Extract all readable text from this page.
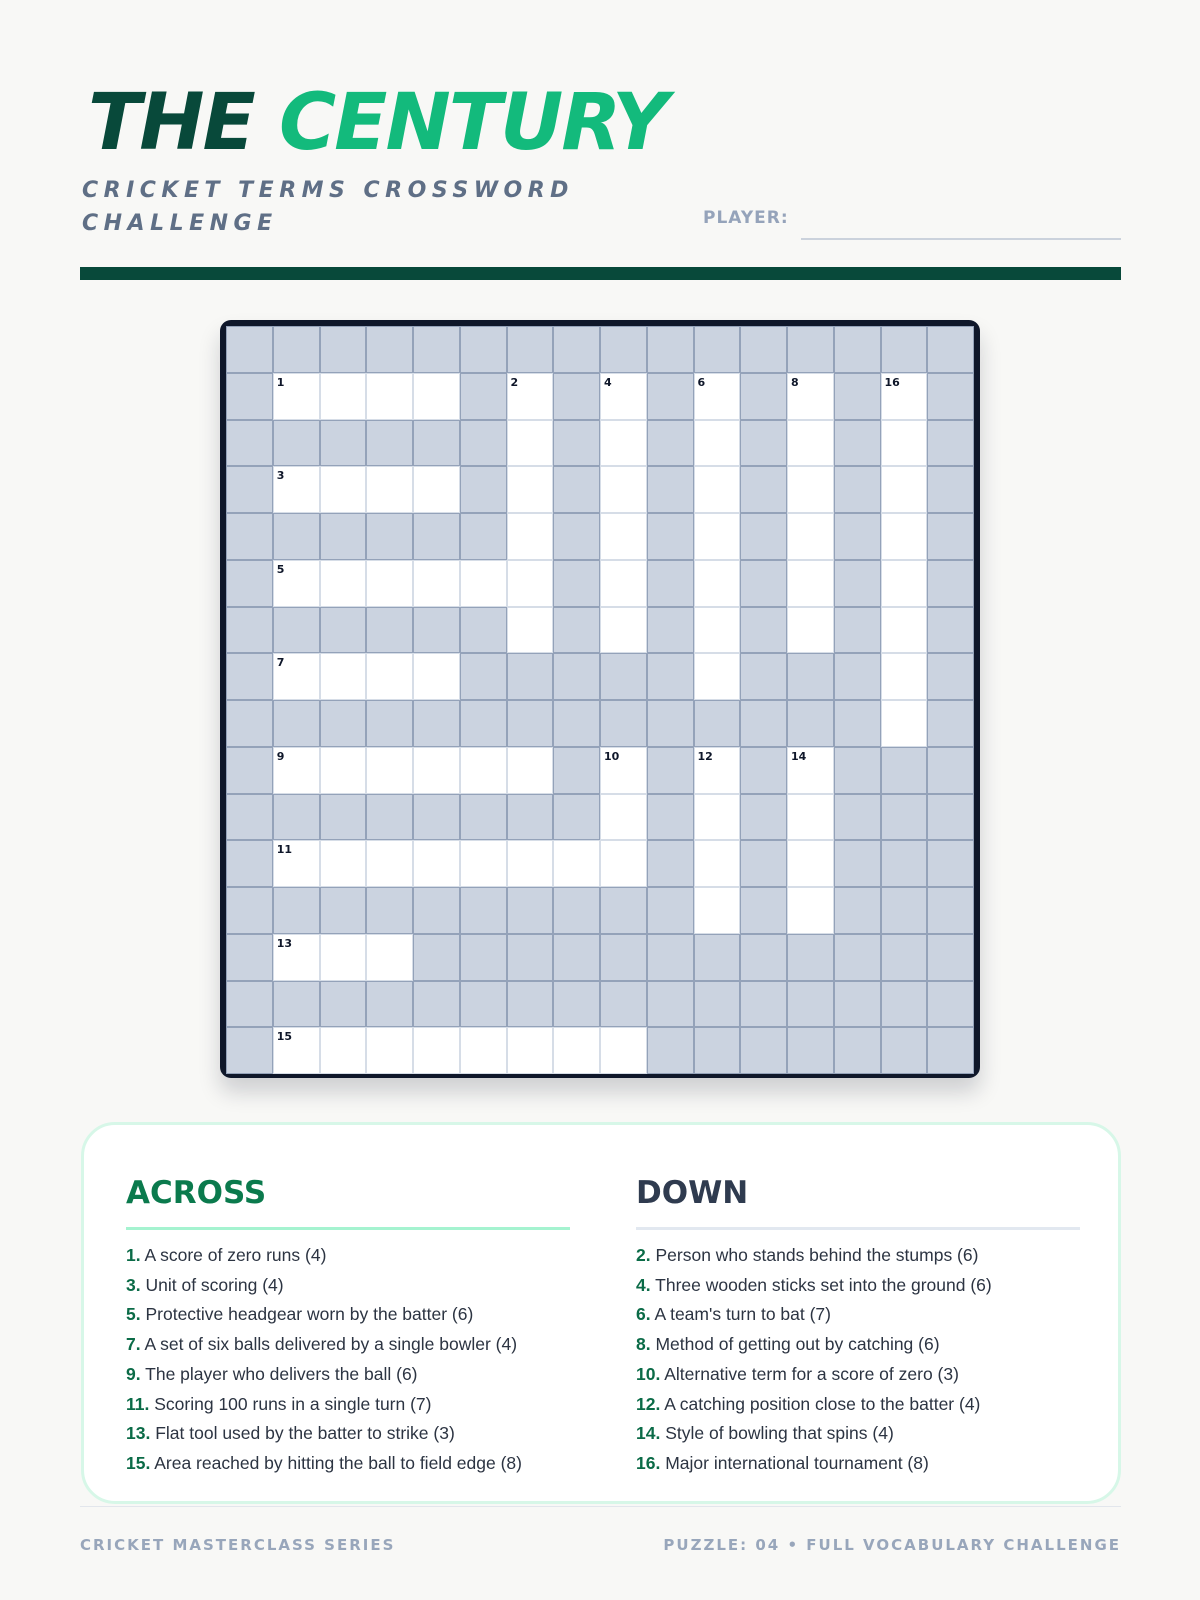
THE CENTURY
CRICKET TERMS CROSSWORD CHALLENGE	PLAYER:
1	2	4	6	8	16
3
5
7
9	10	12	14
11
13
15
ACROSS
1. A score of zero runs (4)
3. Unit of scoring (4)
5. Protective headgear worn by the batter (6)
7. A set of six balls delivered by a single bowler (4)
9. The player who delivers the ball (6)
11. Scoring 100 runs in a single turn (7)
13. Flat tool used by the batter to strike (3)
15. Area reached by hitting the ball to field edge (8)
DOWN
2. Person who stands behind the stumps (6)
4. Three wooden sticks set into the ground (6)
6. A team's turn to bat (7)
8. Method of getting out by catching (6)
10. Alternative term for a score of zero (3)
12. A catching position close to the batter (4)
14. Style of bowling that spins (4)
16. Major international tournament (8)
CRICKET MASTERCLASS SERIES	PUZZLE: 04 • FULL VOCABULARY CHALLENGE
